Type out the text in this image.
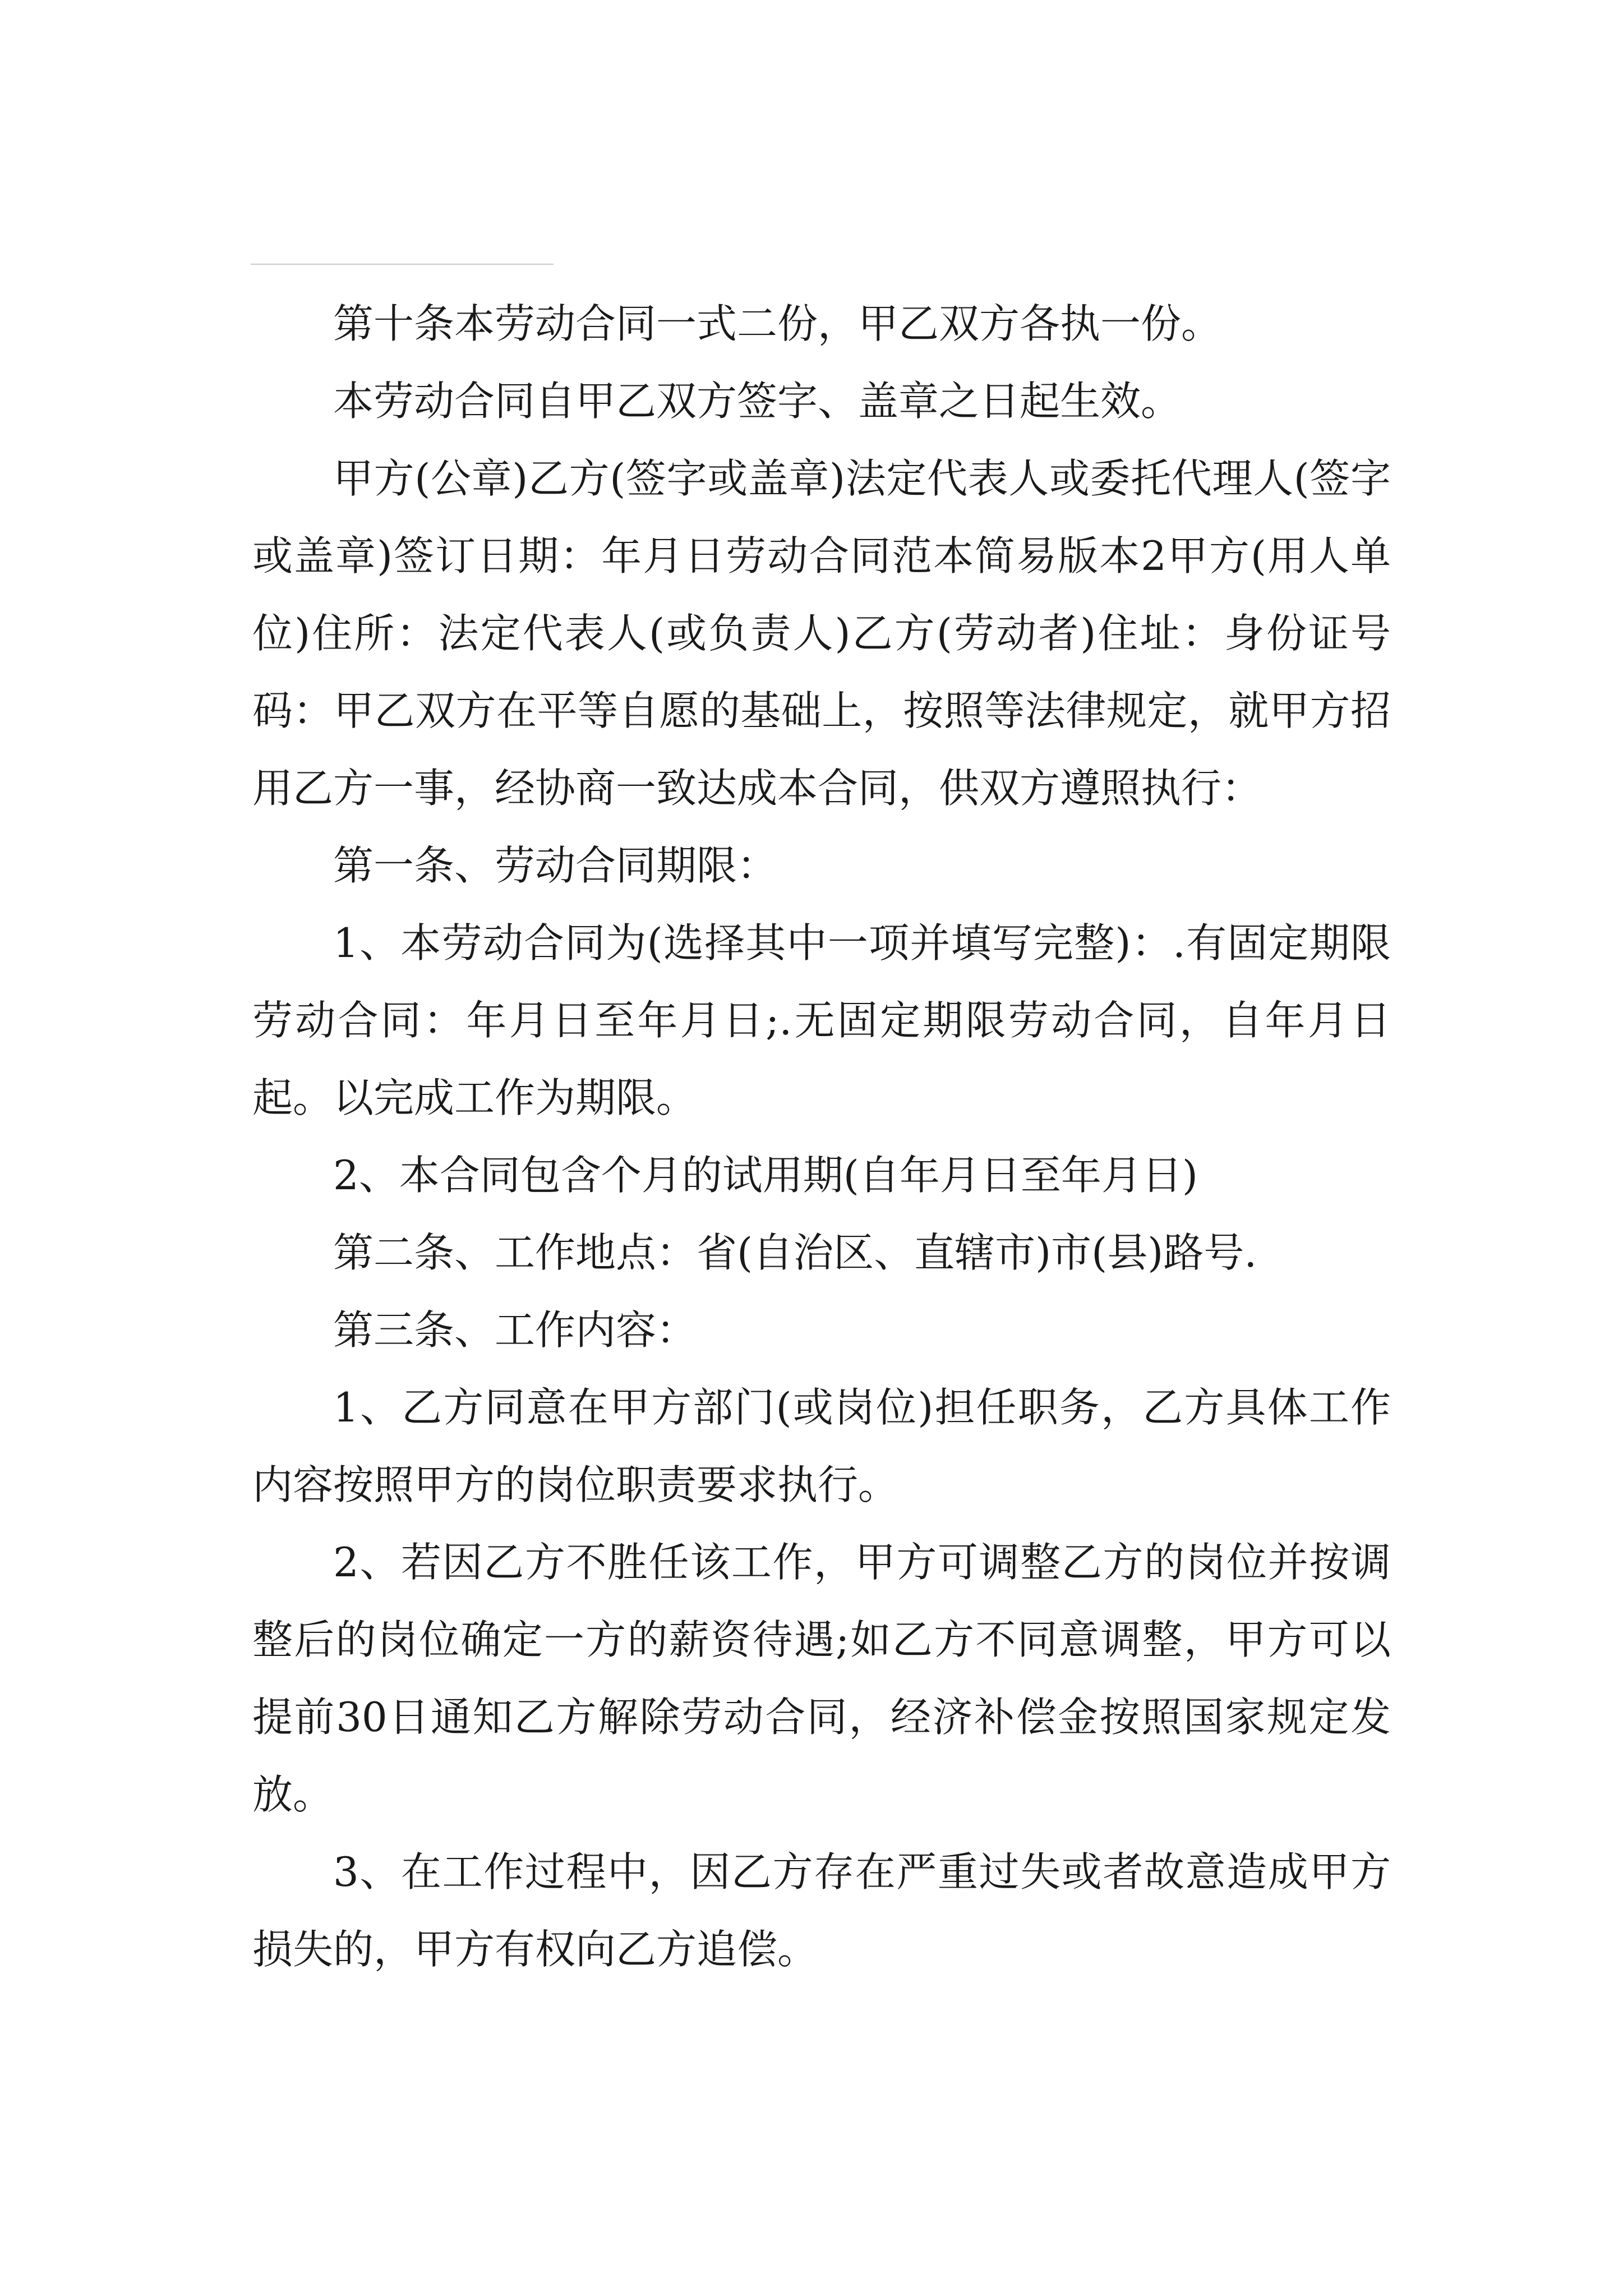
第十条本劳动合同一式二份，甲乙双方各执一份。

本劳动合同自甲乙双方签字、盖章之日起生效。

甲方(公章)乙方(签字或盖章)法定代表人或委托代理人(签字或盖章)签订日期：年月日劳动合同范本简易版本2甲方(用人单位)住所：法定代表人(或负责人)乙方(劳动者)住址：身份证号码：甲乙双方在平等自愿的基础上，按照等法律规定，就甲方招用乙方一事，经协商一致达成本合同，供双方遵照执行：

第一条、劳动合同期限：

1、本劳动合同为(选择其中一项并填写完整)：.有固定期限劳动合同：年月日至年月日;.无固定期限劳动合同，自年月日起。以完成工作为期限。

2、本合同包含个月的试用期(自年月日至年月日)

第二条、工作地点：省(自治区、直辖市)市(县)路号.

第三条、工作内容：

1、乙方同意在甲方部门(或岗位)担任职务，乙方具体工作内容按照甲方的岗位职责要求执行。

2、若因乙方不胜任该工作，甲方可调整乙方的岗位并按调整后的岗位确定一方的薪资待遇;如乙方不同意调整，甲方可以提前30日通知乙方解除劳动合同，经济补偿金按照国家规定发放。

3、在工作过程中，因乙方存在严重过失或者故意造成甲方损失的，甲方有权向乙方追偿。
